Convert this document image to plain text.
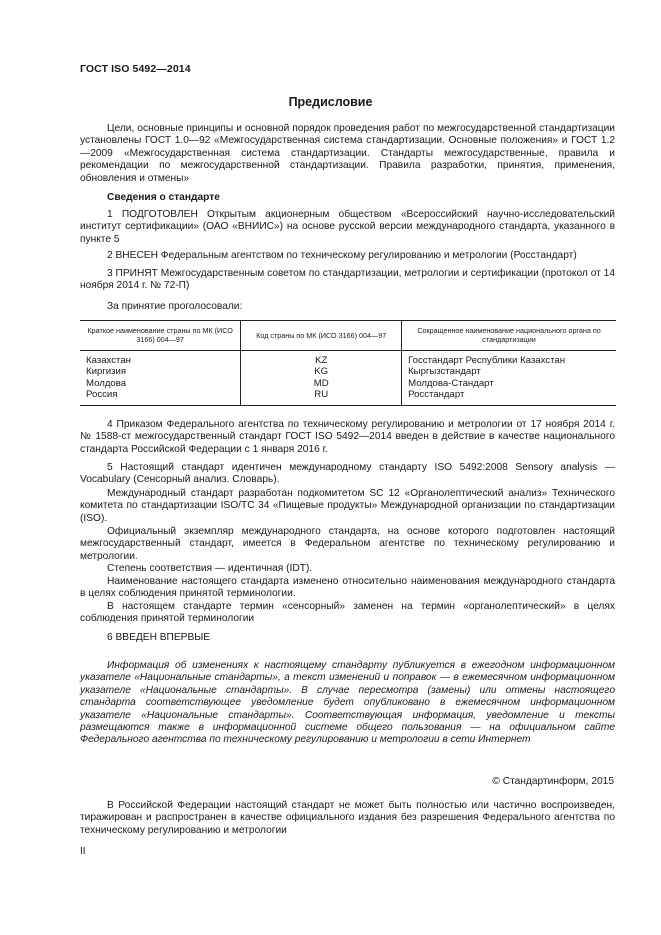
ГОСТ ISO 5492—2014
Предисловие

Цели, основные принципы и основной порядок проведения работ по межгосударственной стандартизации установлены ГОСТ 1.0—92 «Межгосударственная система стандартизации. Основные положения» и ГОСТ 1.2—2009 «Межгосударственная система стандартизации. Стандарты межгосударственные, правила и рекомендации по межгосударственной стандартизации. Правила разработки, принятия, применения, обновления и отмены»

Сведения о стандарте

1 ПОДГОТОВЛЕН Открытым акционерным обществом «Всероссийский научно-исследовательский институт сертификации» (ОАО «ВНИИС») на основе русской версии международного стандарта, указанного в пункте 5

2 ВНЕСЕН Федеральным агентством по техническому регулированию и метрологии (Росстандарт)

3 ПРИНЯТ Межгосударственным советом по стандартизации, метрологии и сертификации (протокол от 14 ноября 2014 г. № 72-П)

За принятие проголосовали:

Краткое наименование страны по МК (ИСО 3166) 004—97	Код страны по МК (ИСО 3166) 004—97	Сокращенное наименование национального органа по стандартизации
Казахстан	KZ	Госстандарт Республики Казахстан
Киргизия	KG	Кыргызстандарт
Молдова	MD	Молдова-Стандарт
Россия	RU	Росстандарт

4 Приказом Федерального агентства по техническому регулированию и метрологии от 17 ноября 2014 г. № 1588-ст межгосударственный стандарт ГОСТ ISO 5492—2014 введен в действие в качестве национального стандарта Российской Федерации с 1 января 2016 г.

5 Настоящий стандарт идентичен международному стандарту ISO 5492:2008 Sensory analysis — Vocabulary (Сенсорный анализ. Словарь).

Международный стандарт разработан подкомитетом SC 12 «Органолептический анализ» Технического комитета по стандартизации ISO/TC 34 «Пищевые продукты» Международной организации по стандартизации (ISO).

Официальный экземпляр международного стандарта, на основе которого подготовлен настоящий межгосударственный стандарт, имеется в Федеральном агентстве по техническому регулированию и метрологии.

Степень соответствия — идентичная (IDT).

Наименование настоящего стандарта изменено относительно наименования международного стандарта в целях соблюдения принятой терминологии.

В настоящем стандарте термин «сенсорный» заменен на термин «органолептический» в целях соблюдения принятой терминологии

6 ВВЕДЕН ВПЕРВЫЕ

Информация об изменениях к настоящему стандарту публикуется в ежегодном информационном указателе «Национальные стандарты», а текст изменений и поправок — в ежемесячном информационном указателе «Национальные стандарты». В случае пересмотра (замены) или отмены настоящего стандарта соответствующее уведомление будет опубликовано в ежемесячном информационном указателе «Национальные стандарты». Соответствующая информация, уведомление и тексты размещаются также в информационной системе общего пользования — на официальном сайте Федерального агентства по техническому регулированию и метрологии в сети Интернет

© Стандартинформ, 2015

В Российской Федерации настоящий стандарт не может быть полностью или частично воспроизведен, тиражирован и распространен в качестве официального издания без разрешения Федерального агентства по техническому регулированию и метрологии

II
